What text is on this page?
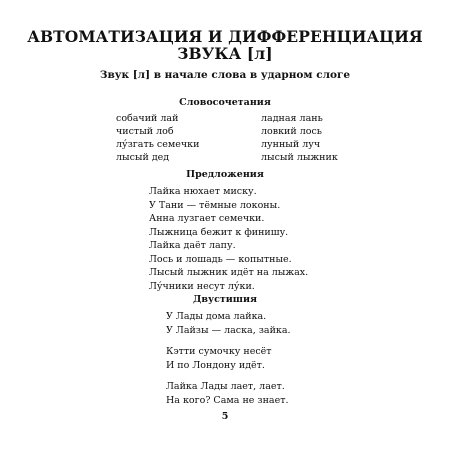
АВТОМАТИЗАЦИЯ И ДИФФЕРЕНЦИАЦИЯ
ЗВУКА [л]
Звук [л] в начале слова в ударном слоге
Словосочетания
собачий лай
чистый лоб
лу́згать семечки
лысый дед
ладная лань
ловкий лось
лунный луч
лысый лыжник
Предложения
Лайка нюхает миску.
У Тани — тёмные локоны.
Анна лузгает семечки.
Лыжница бежит к финишу.
Лайка даёт лапу.
Лось и лошадь — копытные.
Лысый лыжник идёт на лыжах.
Лу́чники несут лу́ки.
Двустишия
У Лады дома лайка.
У Лайзы — ласка, зайка.
Кэтти сумочку несёт
И по Лондону идёт.
Лайка Лады лает, лает.
На кого? Сама не знает.
5
